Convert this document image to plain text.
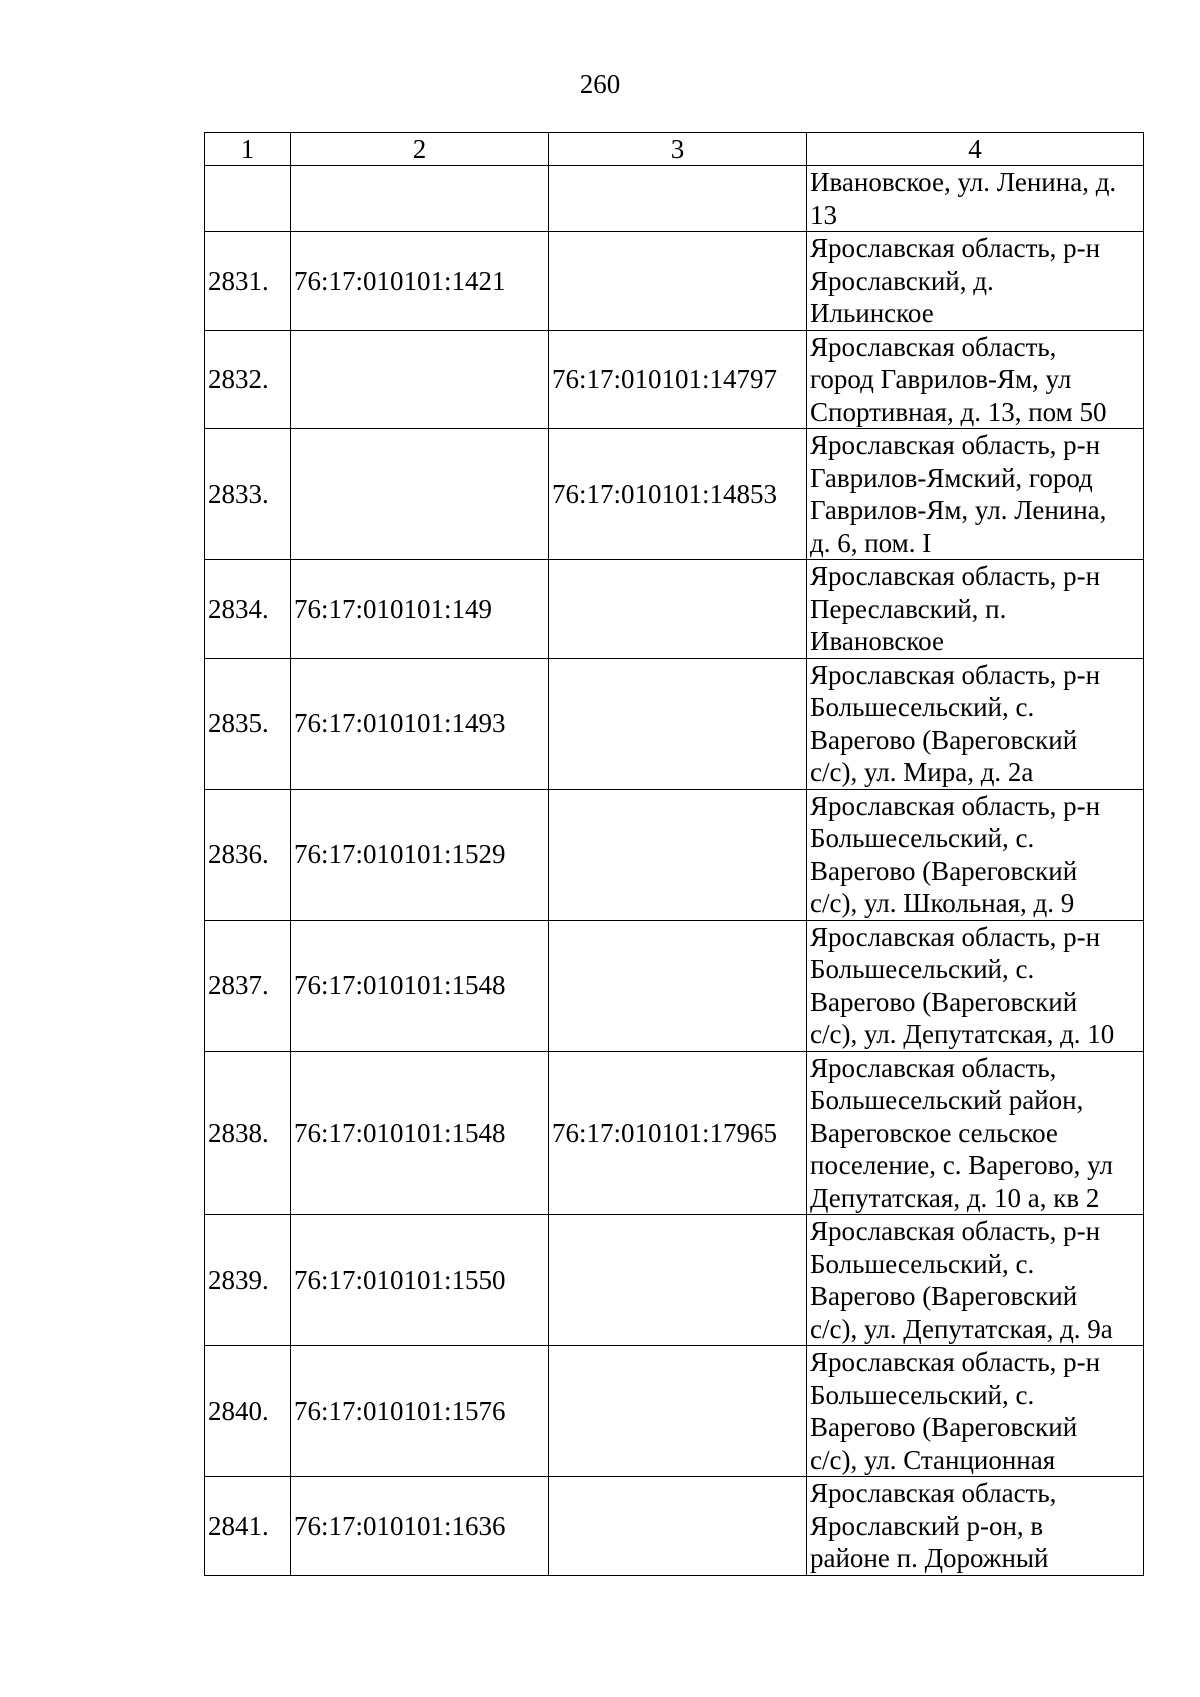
260
1	2	3	4

			Ивановское, ул. Ленина, д.
13

2831.	76:17:010101:1421		Ярославская область, р-н
Ярославский, д.
Ильинское

2832.		76:17:010101:14797	Ярославская область,
город Гаврилов-Ям, ул
Спортивная, д. 13, пом 50

2833.		76:17:010101:14853	Ярославская область, р-н
Гаврилов-Ямский, город
Гаврилов-Ям, ул. Ленина,
д. 6, пом. I

2834.	76:17:010101:149		Ярославская область, р-н
Переславский, п.
Ивановское

2835.	76:17:010101:1493		Ярославская область, р-н
Большесельский, с.
Варегово (Вареговский
с/с), ул. Мира, д. 2а

2836.	76:17:010101:1529		Ярославская область, р-н
Большесельский, с.
Варегово (Вареговский
с/с), ул. Школьная, д. 9

2837.	76:17:010101:1548		Ярославская область, р-н
Большесельский, с.
Варегово (Вареговский
с/с), ул. Депутатская, д. 10

2838.	76:17:010101:1548	76:17:010101:17965	Ярославская область,
Большесельский район,
Вареговское сельское
поселение, с. Варегово, ул
Депутатская, д. 10 а, кв 2

2839.	76:17:010101:1550		Ярославская область, р-н
Большесельский, с.
Варегово (Вареговский
с/с), ул. Депутатская, д. 9а

2840.	76:17:010101:1576		Ярославская область, р-н
Большесельский, с.
Варегово (Вареговский
с/с), ул. Станционная

2841.	76:17:010101:1636		Ярославская область,
Ярославский р-он, в
районе п. Дорожный
